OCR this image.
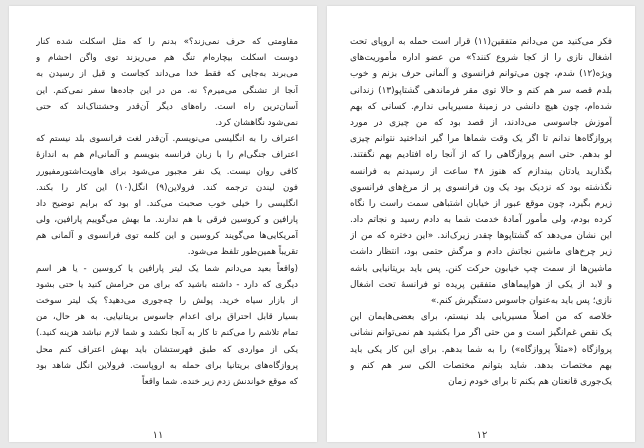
مقاومتی که حرف نمی‌زند؟» بدنم را که مثل اسکلت شده کنار
دوست اسکلت بیچاره‌ام تنگ هم می‌ریزند توی واگن احشام و
می‌برند به‌جایی که فقط خدا می‌داند کجاست و قبل از رسیدن به
آنجا از تشنگی می‌میرم؟ نه. من در این جاده‌ها سفر نمی‌کنم. این
آسان‌ترین راه است. راه‌های دیگر آن‌قدر وحشتناک‌اند که حتی
نمی‌شود نگاهشان کرد.
اعتراف را به انگلیسی می‌نویسم. آن‌قدر لغت فرانسوی بلد نیستم که
اعتراف جنگی‌ام را با زبان فرانسه بنویسم و آلمانی‌ام هم به اندازهٔ
کافی روان نیست. یک نفر مجبور می‌شود برای هاوپت‌اشتورمفیورر
فون لیندن ترجمه کند. فرولاین(۹) انگل(۱۰) این کار را بکند.
انگلیسی را خیلی خوب صحبت می‌کند. او بود که برایم توضیح داد
پارافین و کروسین فرقی با هم ندارند. ما بهش می‌گوییم پارافین، ولی
آمریکایی‌ها می‌گویند کروسین و این کلمه توی فرانسوی و آلمانی هم
تقریباً همین‌طور تلفظ می‌شود.
(واقعاً بعید می‌دانم شما یک لیتر پارافین یا کروسین - یا هر اسم
دیگری که دارد - داشته باشید که برای من حرامش کنید یا حتی بشود
از بازار سیاه خرید. پولش را چه‌جوری می‌دهید؟ یک لیتر سوخت
بسیار قابل احتراق برای اعدام جاسوس بریتانیایی. به هر حال، من
تمام تلاشم را می‌کنم تا کار به آنجا نکشد و شما لازم نباشد هزینه کنید.)
یکی از مواردی که طبق فهرستشان باید بهش اعتراف کنم محل
پروازگاه‌های بریتانیا برای حمله به اروپاست. فرولاین انگل شاهد بود
که موقع خواندنش زدم زیر خنده. شما واقعاً
۱۱
فکر می‌کنید من می‌دانم متفقین(۱۱) قرار است حمله به اروپای تحت
اشغال نازی را از کجا شروع کنند؟» من عضو اداره مأموریت‌های
ویژه(۱۲) شدم، چون می‌توانم فرانسوی و آلمانی حرف بزنم و خوب
بلدم قصه سر هم کنم و حالا توی مقر فرماندهی گشتاپو(۱۳) زندانی
شده‌ام، چون هیچ دانشی در زمینهٔ مسیریابی ندارم. کسانی که بهم
آموزش جاسوسی می‌دادند، از قصد بود که من چیزی در مورد
پروازگاه‌ها ندانم تا اگر یک وقت شماها مرا گیر انداختید نتوانم چیزی
لو بدهم. حتی اسم پروازگاهی را که از آنجا راه افتادیم بهم نگفتند.
بگذارید یادتان بیندازم که هنوز ۴۸ ساعت از رسیدنم به فرانسه
نگذشته بود که نزدیک بود یک ون فرانسوی پر از مرغ‌های فرانسوی
زیرم بگیرد، چون موقع عبور از خیابان اشتباهی سمت راست را نگاه
کرده بودم، ولی مأمور آمادهٔ خدمت شما به دادم رسید و نجاتم داد.
این نشان می‌دهد که گشتاپوها چقدر زیرک‌اند. «این دختره که من از
زیر چرخ‌های ماشین نجاتش دادم و مرگش حتمی بود، انتظار داشت
ماشین‌ها از سمت چپ خیابون حرکت کنن. پس باید بریتانیایی باشه
و لابد از یکی از هواپیماهای متفقین پریده تو فرانسهٔ تحت اشغال
نازی؛ پس باید به‌عنوان جاسوس دستگیرش کنم.»
خلاصه که من اصلاً مسیریابی بلد نیستم، برای بعضی‌هایمان این
یک نقص غم‌انگیز است و من حتی اگر مرا بکشید هم نمی‌توانم نشانی
پروازگاه («مثلاً پروازگاه») را به شما بدهم. برای این کار یکی باید
بهم مختصات بدهد. شاید بتوانم مختصات الکی سر هم کنم و
یک‌جوری قانعتان هم بکنم تا برای خودم زمان
۱۲
